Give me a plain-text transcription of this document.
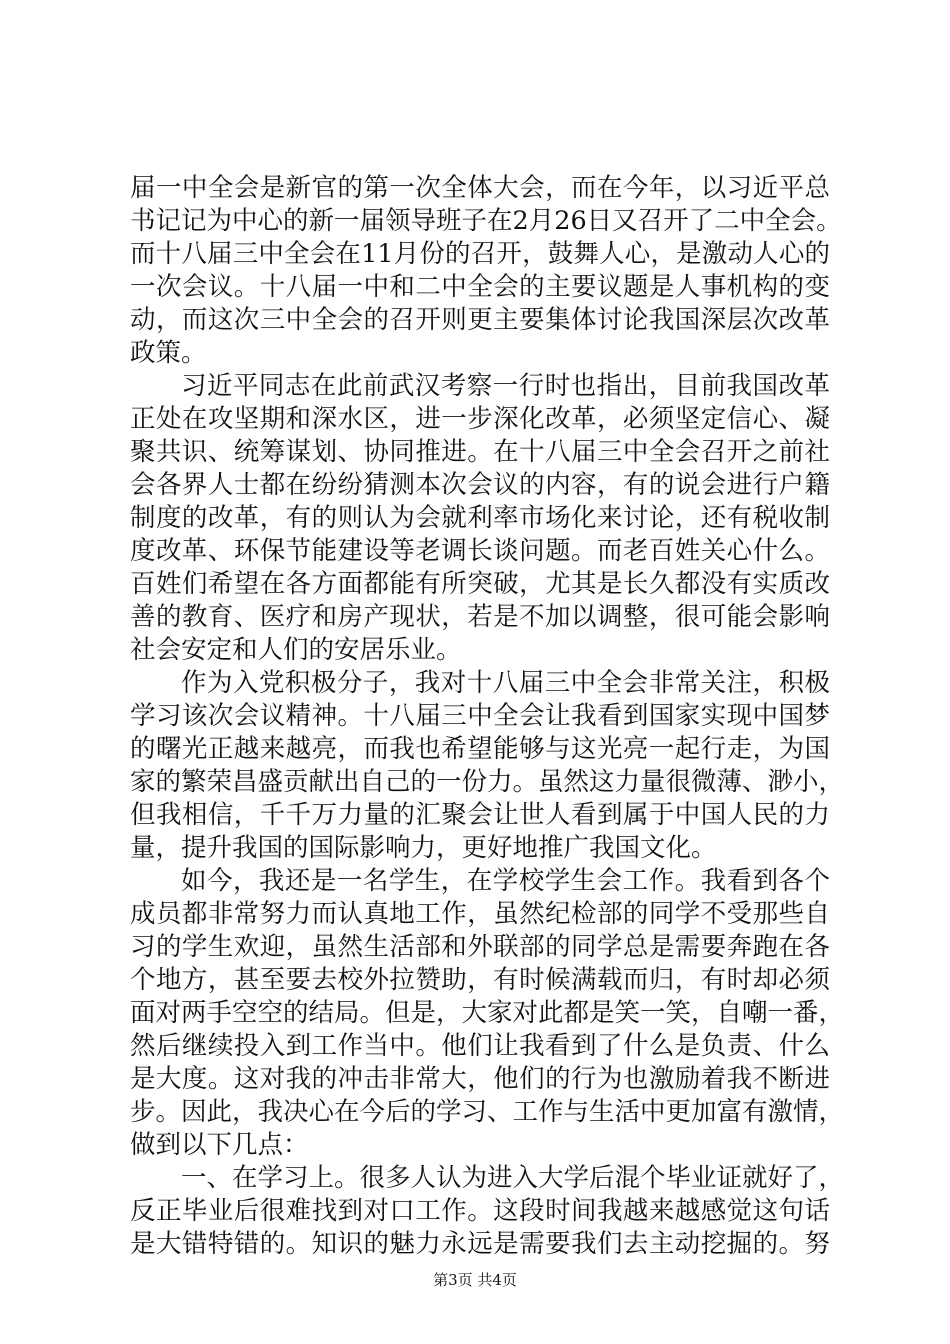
届一中全会是新官的第一次全体大会，而在今年，以习近平总
书记记为中心的新一届领导班子在2月26日又召开了二中全会。
而十八届三中全会在11月份的召开，鼓舞人心，是激动人心的
一次会议。十八届一中和二中全会的主要议题是人事机构的变
动，而这次三中全会的召开则更主要集体讨论我国深层次改革
政策。
习近平同志在此前武汉考察一行时也指出，目前我国改革
正处在攻坚期和深水区，进一步深化改革，必须坚定信心、凝
聚共识、统筹谋划、协同推进。在十八届三中全会召开之前社
会各界人士都在纷纷猜测本次会议的内容，有的说会进行户籍
制度的改革，有的则认为会就利率市场化来讨论，还有税收制
度改革、环保节能建设等老调长谈问题。而老百姓关心什么。
百姓们希望在各方面都能有所突破，尤其是长久都没有实质改
善的教育、医疗和房产现状，若是不加以调整，很可能会影响
社会安定和人们的安居乐业。
作为入党积极分子，我对十八届三中全会非常关注，积极
学习该次会议精神。十八届三中全会让我看到国家实现中国梦
的曙光正越来越亮，而我也希望能够与这光亮一起行走，为国
家的繁荣昌盛贡献出自己的一份力。虽然这力量很微薄、渺小，
但我相信，千千万力量的汇聚会让世人看到属于中国人民的力
量，提升我国的国际影响力，更好地推广我国文化。
如今，我还是一名学生，在学校学生会工作。我看到各个
成员都非常努力而认真地工作，虽然纪检部的同学不受那些自
习的学生欢迎，虽然生活部和外联部的同学总是需要奔跑在各
个地方，甚至要去校外拉赞助，有时候满载而归，有时却必须
面对两手空空的结局。但是，大家对此都是笑一笑，自嘲一番，
然后继续投入到工作当中。他们让我看到了什么是负责、什么
是大度。这对我的冲击非常大，他们的行为也激励着我不断进
步。因此，我决心在今后的学习、工作与生活中更加富有激情，
做到以下几点：
一、在学习上。很多人认为进入大学后混个毕业证就好了，
反正毕业后很难找到对口工作。这段时间我越来越感觉这句话
是大错特错的。知识的魅力永远是需要我们去主动挖掘的。努
第3页 共4页
